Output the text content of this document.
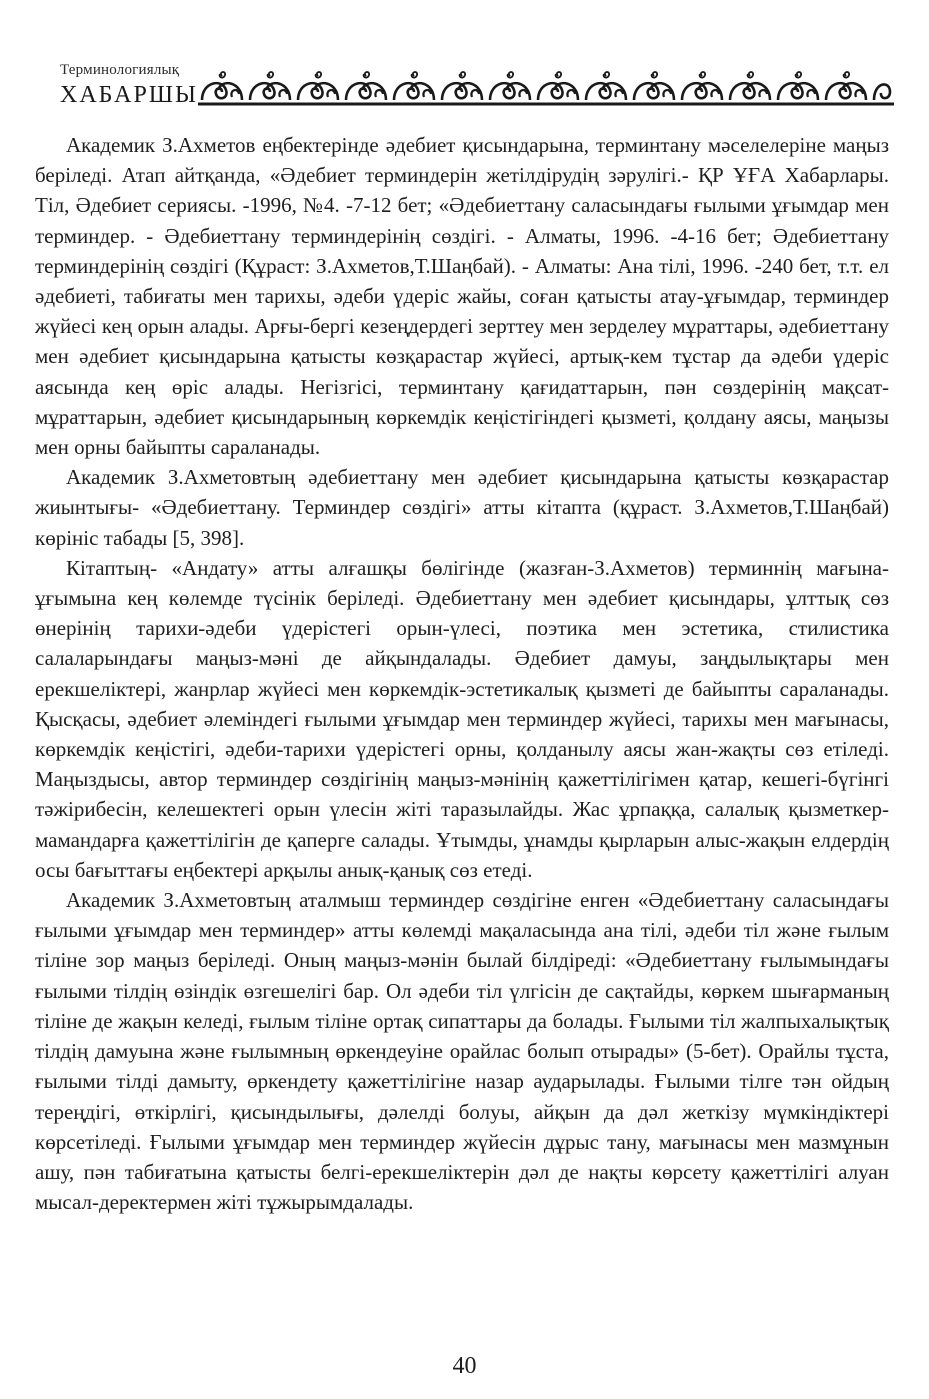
Терминологиялық
ХАБАРШЫ

Академик З.Ахметов еңбектерінде әдебиет қисындарына, терминтану мәселелеріне маңыз беріледі. Атап айтқанда, «Әдебиет терминдерін жетілдірудің зәрулігі.- ҚР ҰҒА Хабарлары. Тіл, Әдебиет сериясы. -1996, №4. -7-12 бет; «Әдебиеттану саласындағы ғылыми ұғымдар мен терминдер. - Әдебиеттану терминдерінің сөздігі. - Алматы, 1996. -4-16 бет; Әдебиеттану терминдерінің сөздігі (Құраст: З.Ахметов,Т.Шаңбай). - Алматы: Ана тілі, 1996. -240 бет, т.т. ел әдебиеті, табиғаты мен тарихы, әдеби үдеріс жайы, соған қатысты атау-ұғымдар, терминдер жүйесі кең орын алады. Арғы-бергі кезеңдердегі зерттеу мен зерделеу мұраттары, әдебиеттану мен әдебиет қисындарына қатысты көзқарастар жүйесі, артық-кем тұстар да әдеби үдеріс аясында кең өріс алады. Негізгісі, терминтану қағидаттарын, пән сөздерінің мақсат-мұраттарын, әдебиет қисындарының көркемдік кеңістігіндегі қызметі, қолдану аясы, маңызы мен орны байыпты сараланады.

Академик З.Ахметовтың әдебиеттану мен әдебиет қисындарына қатысты көзқарастар жиынтығы- «Әдебиеттану. Терминдер сөздігі» атты кітапта (құраст. З.Ахметов,Т.Шаңбай) көрініс табады [5, 398].

Кітаптың- «Андату» атты алғашқы бөлігінде (жазған-З.Ахметов) терминнің мағына-ұғымына кең көлемде түсінік беріледі. Әдебиеттану мен әдебиет қисындары, ұлттық сөз өнерінің тарихи-әдеби үдерістегі орын-үлесі, поэтика мен эстетика, стилистика салаларындағы маңыз-мәні де айқындалады. Әдебиет дамуы, заңдылықтары мен ерекшеліктері, жанрлар жүйесі мен көркемдік-эстетикалық қызметі де байыпты сараланады. Қысқасы, әдебиет әлеміндегі ғылыми ұғымдар мен терминдер жүйесі, тарихы мен мағынасы, көркемдік кеңістігі, әдеби-тарихи үдерістегі орны, қолданылу аясы жан-жақты сөз етіледі. Маңыздысы, автор терминдер сөздігінің маңыз-мәнінің қажеттілігімен қатар, кешегі-бүгінгі тәжірибесін, келешектегі орын үлесін жіті таразылайды. Жас ұрпаққа, салалық қызметкер-мамандарға қажеттілігін де қаперге салады. Ұтымды, ұнамды қырларын алыс-жақын елдердің осы бағыттағы еңбектері арқылы анық-қанық сөз етеді.

Академик З.Ахметовтың аталмыш терминдер сөздігіне енген «Әдебиеттану саласындағы ғылыми ұғымдар мен терминдер» атты көлемді мақаласында ана тілі, әдеби тіл және ғылым тіліне зор маңыз беріледі. Оның маңыз-мәнін былай білдіреді: «Әдебиеттану ғылымындағы ғылыми тілдің өзіндік өзгешелігі бар. Ол әдеби тіл үлгісін де сақтайды, көркем шығарманың тіліне де жақын келеді, ғылым тіліне ортақ сипаттары да болады. Ғылыми тіл жалпыхалықтық тілдің дамуына және ғылымның өркендеуіне орайлас болып отырады» (5-бет). Орайлы тұста, ғылыми тілді дамыту, өркендету қажеттілігіне назар аударылады. Ғылыми тілге тән ойдың тереңдігі, өткірлігі, қисындылығы, дәлелді болуы, айқын да дәл жеткізу мүмкіндіктері көрсетіледі. Ғылыми ұғымдар мен терминдер жүйесін дұрыс тану, мағынасы мен мазмұнын ашу, пән табиғатына қатысты белгі-ерекшеліктерін дәл де нақты көрсету қажеттілігі алуан мысал-деректермен жіті тұжырымдалады.

40
